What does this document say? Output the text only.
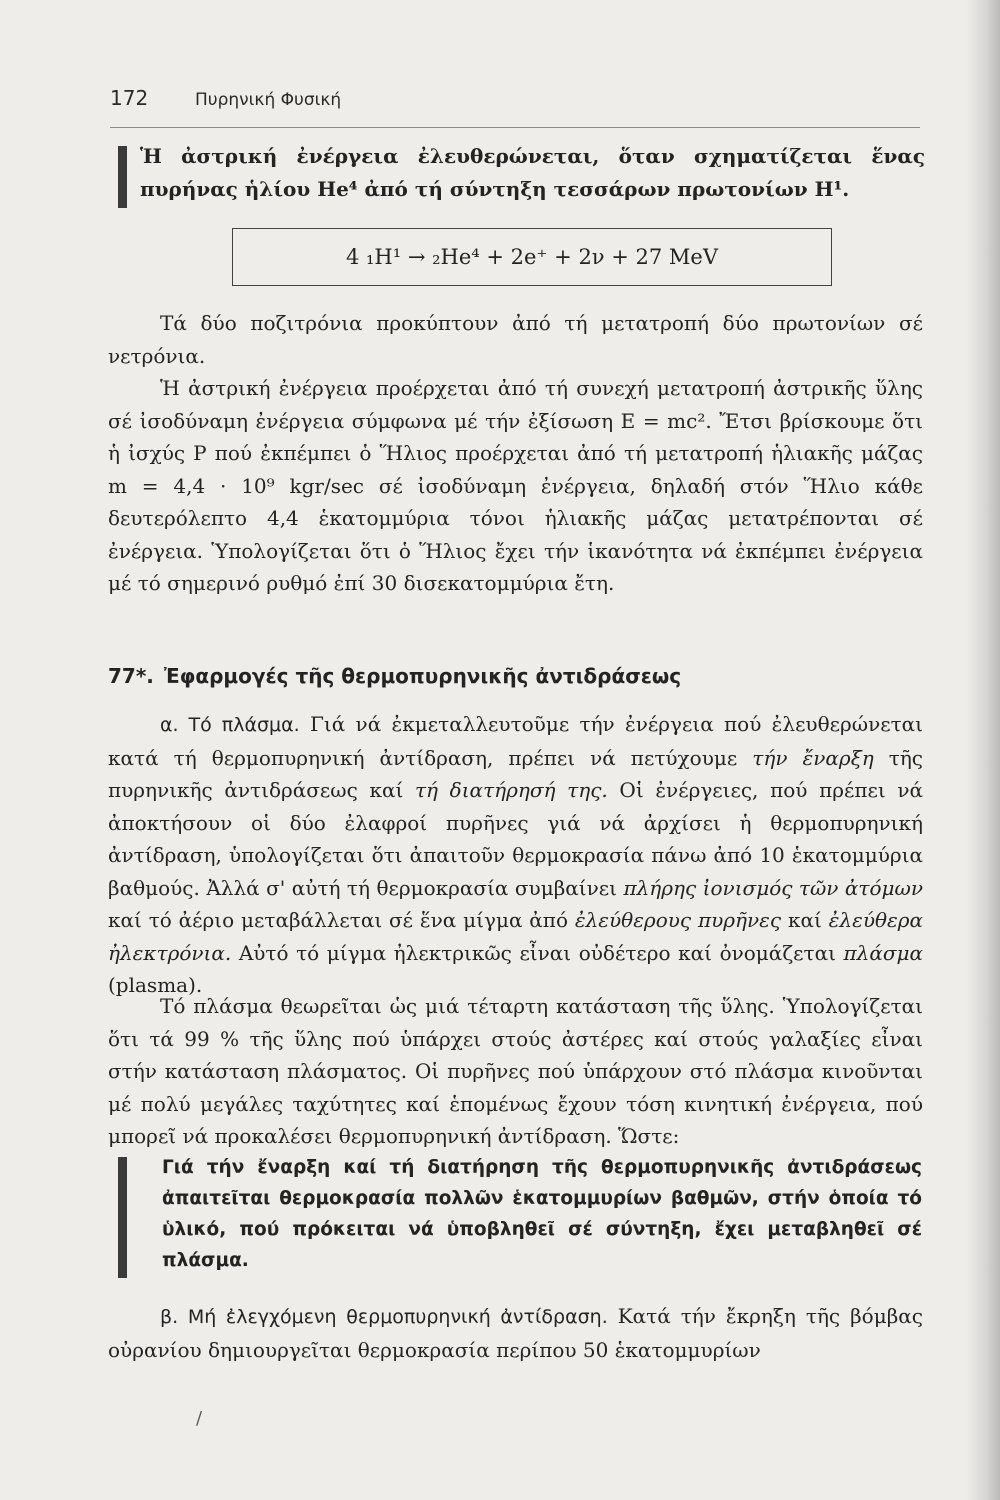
172	Πυρηνική Φυσική

Ἡ ἀστρική ἐνέργεια ἐλευθερώνεται, ὅταν σχηματίζεται ἕνας πυρήνας ἡλίου He⁴ ἀπό τή σύντηξη τεσσάρων πρωτονίων H¹.

4 ₁H¹ → ₂He⁴ + 2e⁺ + 2ν + 27 MeV

Τά δύο ποζιτρόνια προκύπτουν ἀπό τή μετατροπή δύο πρωτονίων σέ νετρόνια.

Ἡ ἀστρική ἐνέργεια προέρχεται ἀπό τή συνεχή μετατροπή ἀστρικῆς ὕλης σέ ἰσοδύναμη ἐνέργεια σύμφωνα μέ τήν ἐξίσωση E = mc². Ἔτσι βρίσκουμε ὅτι ἡ ἰσχύς P πού ἐκπέμπει ὁ Ἥλιος προέρχεται ἀπό τή μετατροπή ἡλιακῆς μάζας m = 4,4 · 10⁹ kgr/sec σέ ἰσοδύναμη ἐνέργεια, δηλαδή στόν Ἥλιο κάθε δευτερόλεπτο 4,4 ἑκατομμύρια τόνοι ἡλιακῆς μάζας μετατρέπονται σέ ἐνέργεια. Ὑπολογίζεται ὅτι ὁ Ἥλιος ἔχει τήν ἱκανότητα νά ἐκπέμπει ἐνέργεια μέ τό σημερινό ρυθμό ἐπί 30 δισεκατομμύρια ἔτη.

77*. Ἐφαρμογές τῆς θερμοπυρηνικῆς ἀντιδράσεως

α. Τό πλάσμα. Γιά νά ἐκμεταλλευτοῦμε τήν ἐνέργεια πού ἐλευθερώνεται κατά τή θερμοπυρηνική ἀντίδραση, πρέπει νά πετύχουμε τήν ἔναρξη τῆς πυρηνικῆς ἀντιδράσεως καί τή διατήρησή της. Οἱ ἐνέργειες, πού πρέπει νά ἀποκτήσουν οἱ δύο ἐλαφροί πυρῆνες γιά νά ἀρχίσει ἡ θερμοπυρηνική ἀντίδραση, ὑπολογίζεται ὅτι ἀπαιτοῦν θερμοκρασία πάνω ἀπό 10 ἑκατομμύρια βαθμούς. Ἀλλά σ' αὐτή τή θερμοκρασία συμβαίνει πλήρης ἰονισμός τῶν ἀτόμων καί τό ἀέριο μεταβάλλεται σέ ἕνα μίγμα ἀπό ἐλεύθερους πυρῆνες καί ἐλεύθερα ἠλεκτρόνια. Αὐτό τό μίγμα ἠλεκτρικῶς εἶναι οὐδέτερο καί ὀνομάζεται πλάσμα (plasma).

Τό πλάσμα θεωρεῖται ὡς μιά τέταρτη κατάσταση τῆς ὕλης. Ὑπολογίζεται ὅτι τά 99 % τῆς ὕλης πού ὑπάρχει στούς ἀστέρες καί στούς γαλαξίες εἶναι στήν κατάσταση πλάσματος. Οἱ πυρῆνες πού ὑπάρχουν στό πλάσμα κινοῦνται μέ πολύ μεγάλες ταχύτητες καί ἑπομένως ἔχουν τόση κινητική ἐνέργεια, πού μπορεῖ νά προκαλέσει θερμοπυρηνική ἀντίδραση. Ὥστε:

Γιά τήν ἔναρξη καί τή διατήρηση τῆς θερμοπυρηνικῆς ἀντιδράσεως ἀπαιτεῖται θερμοκρασία πολλῶν ἑκατομμυρίων βαθμῶν, στήν ὁποία τό ὑλικό, πού πρόκειται νά ὑποβληθεῖ σέ σύντηξη, ἔχει μεταβληθεῖ σέ πλάσμα.

β. Μή ἐλεγχόμενη θερμοπυρηνική ἀντίδραση. Κατά τήν ἔκρηξη τῆς βόμβας οὐρανίου δημιουργεῖται θερμοκρασία περίπου 50 ἑκατομμυρίων

/
